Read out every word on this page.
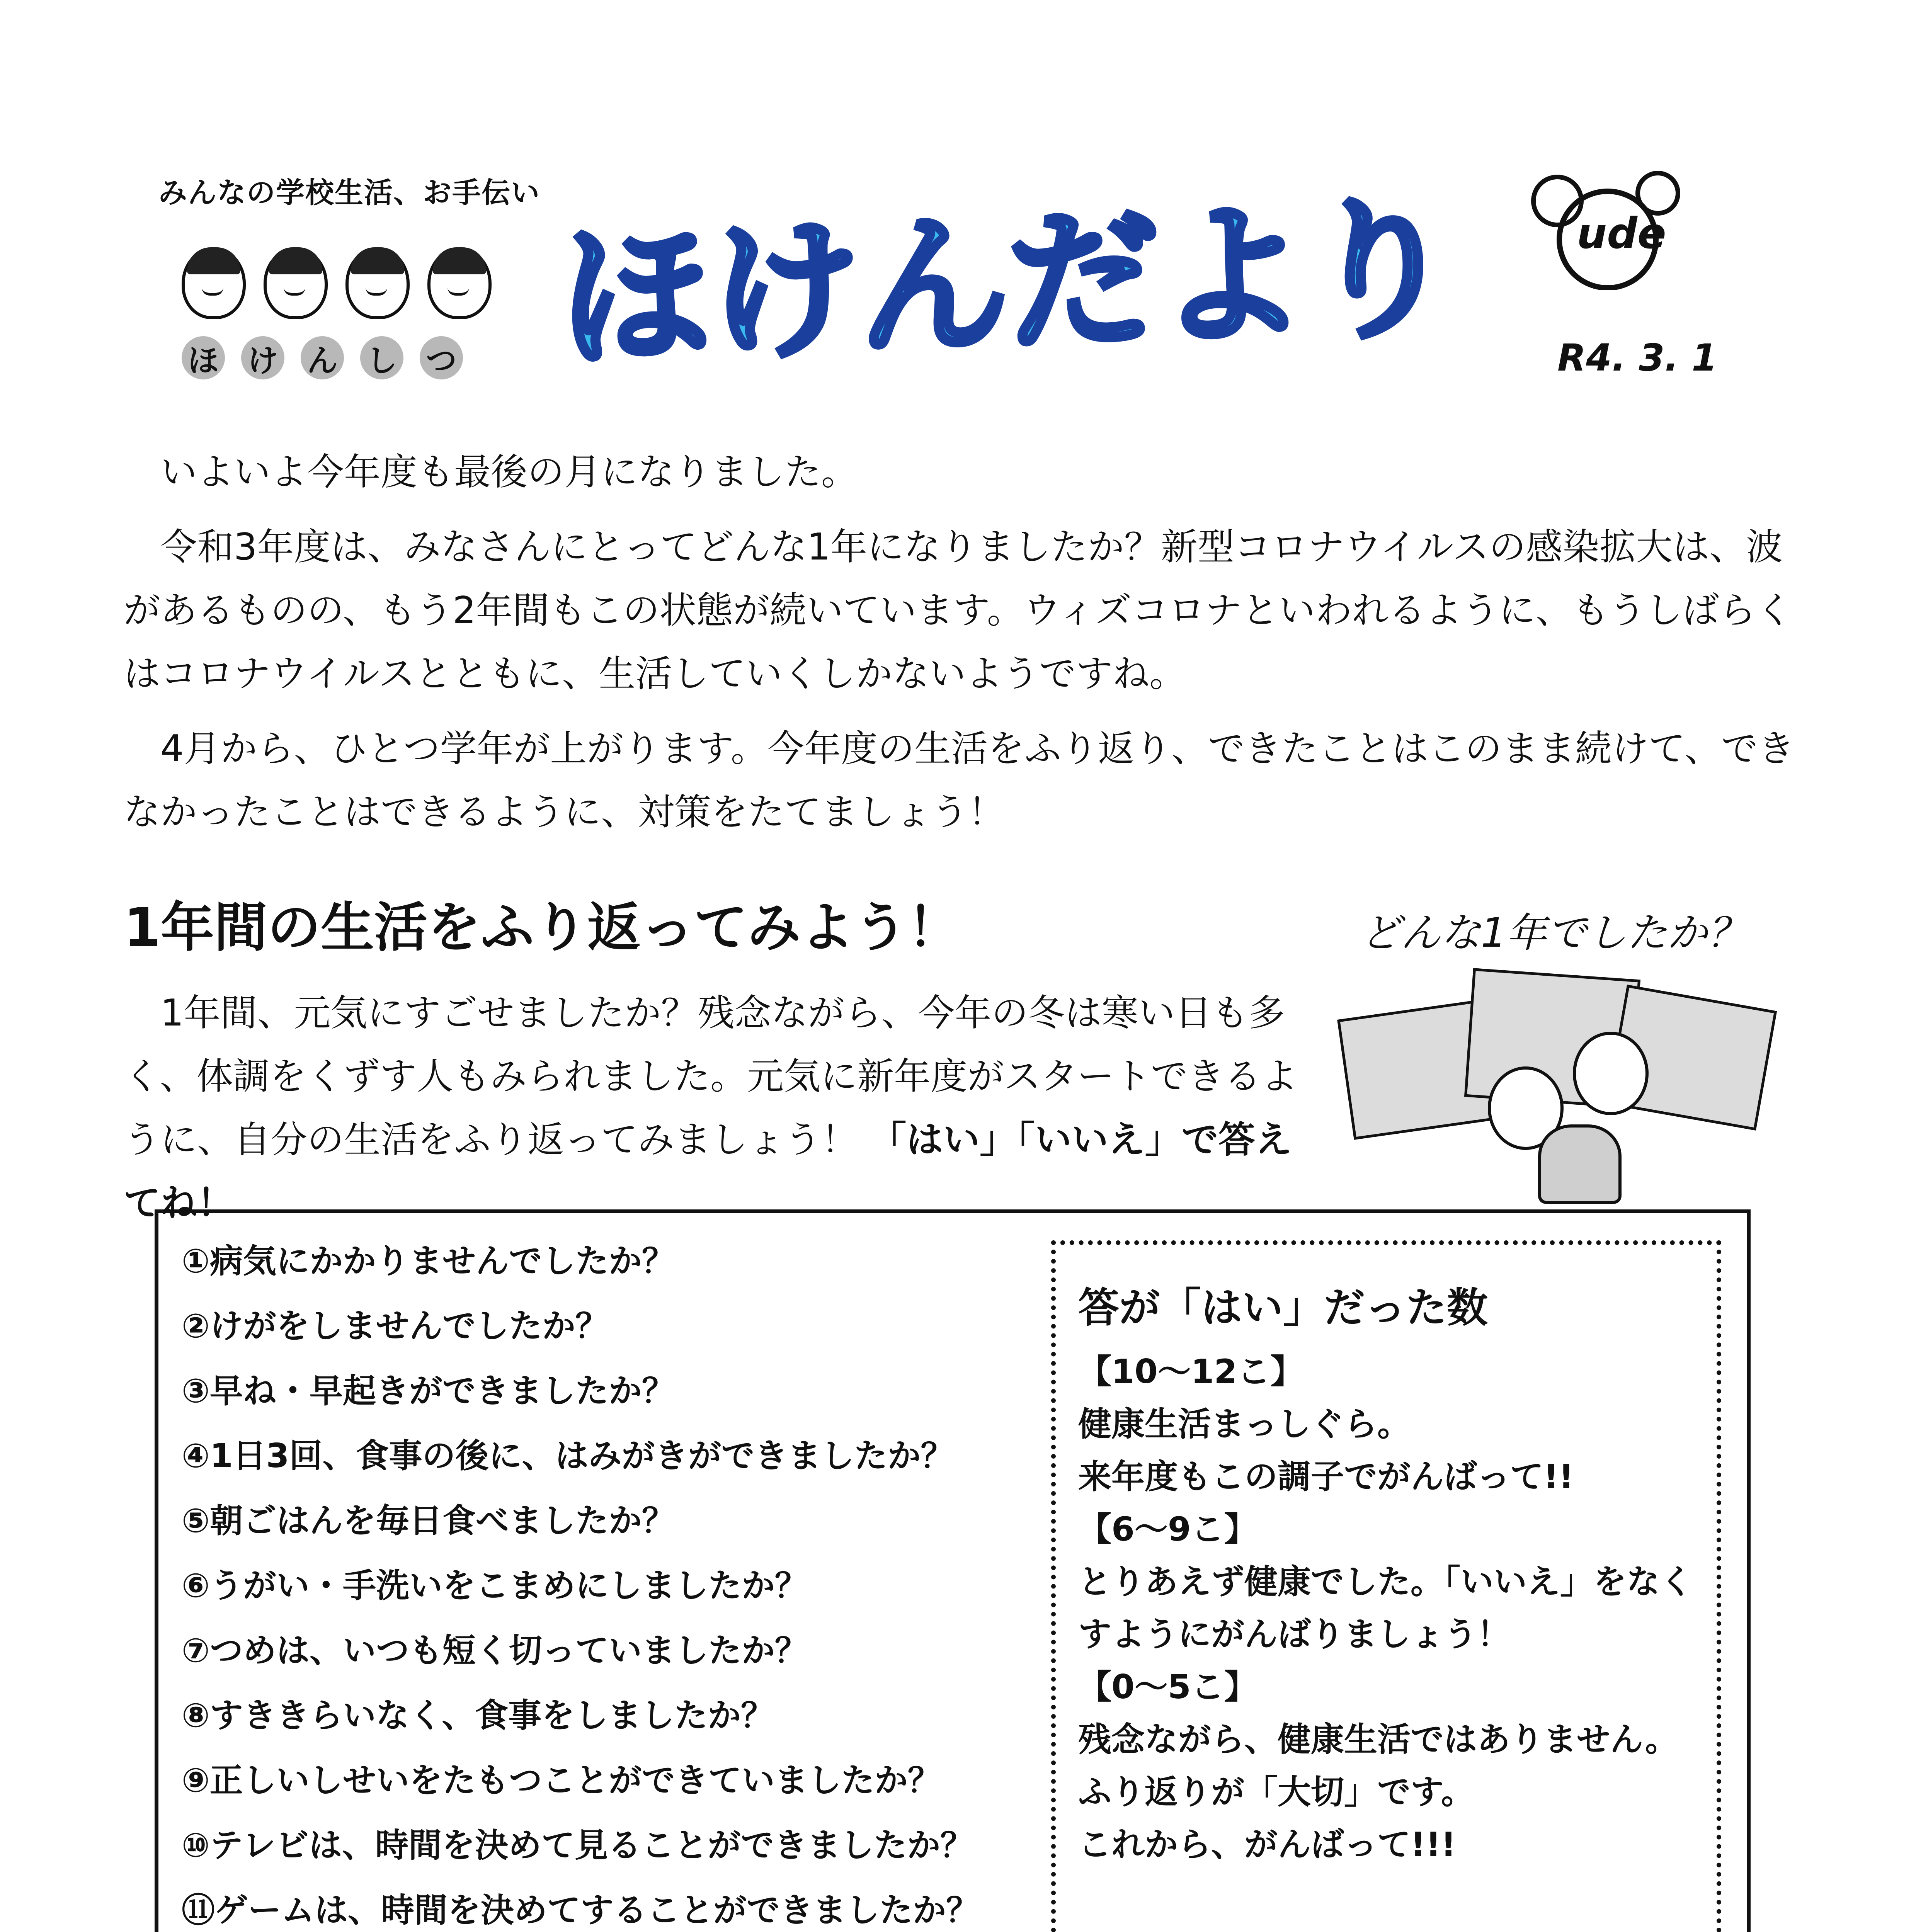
みんなの学校生活、お手伝い
ほ け ん し つ ほけんだより	ude
R4. 3. 1

いよいよ今年度も最後の月になりました。

令和3年度は、みなさんにとってどんな1年になりましたか？新型コロナウイルスの感染拡大は、波があるものの、もう2年間もこの状態が続いています。ウィズコロナといわれるように、もうしばらくはコロナウイルスとともに、生活していくしかないようですね。

4月から、ひとつ学年が上がります。今年度の生活をふり返り、できたことはこのまま続けて、できなかったことはできるように、対策をたてましょう！

1年間の生活をふり返ってみよう！
1年間、元気にすごせましたか？残念ながら、今年の冬は寒い日も多く、体調をくずす人もみられました。元気に新年度がスタートできるように、自分の生活をふり返ってみましょう！ 「はい」「いいえ」で答えてね！
どんな1年でしたか？
①病気にかかりませんでしたか？
②けがをしませんでしたか？
③早ね・早起きができましたか？
④1日3回、食事の後に、はみがきができましたか？
⑤朝ごはんを毎日食べましたか？
⑥うがい・手洗いをこまめにしましたか？
⑦つめは、いつも短く切っていましたか？
⑧すききらいなく、食事をしましたか？
⑨正しいしせいをたもつことができていましたか？
⑩テレビは、時間を決めて見ることができましたか？
⑪ゲームは、時間を決めてすることができましたか？
答が「はい」だった数
【10〜12こ】
健康生活まっしぐら。
来年度もこの調子でがんばって!!
【6〜9こ】
とりあえず健康でした。「いいえ」をなくすようにがんばりましょう！
【0〜5こ】
残念ながら、健康生活ではありません。
ふり返りが「大切」です。
これから、がんばって!!!
